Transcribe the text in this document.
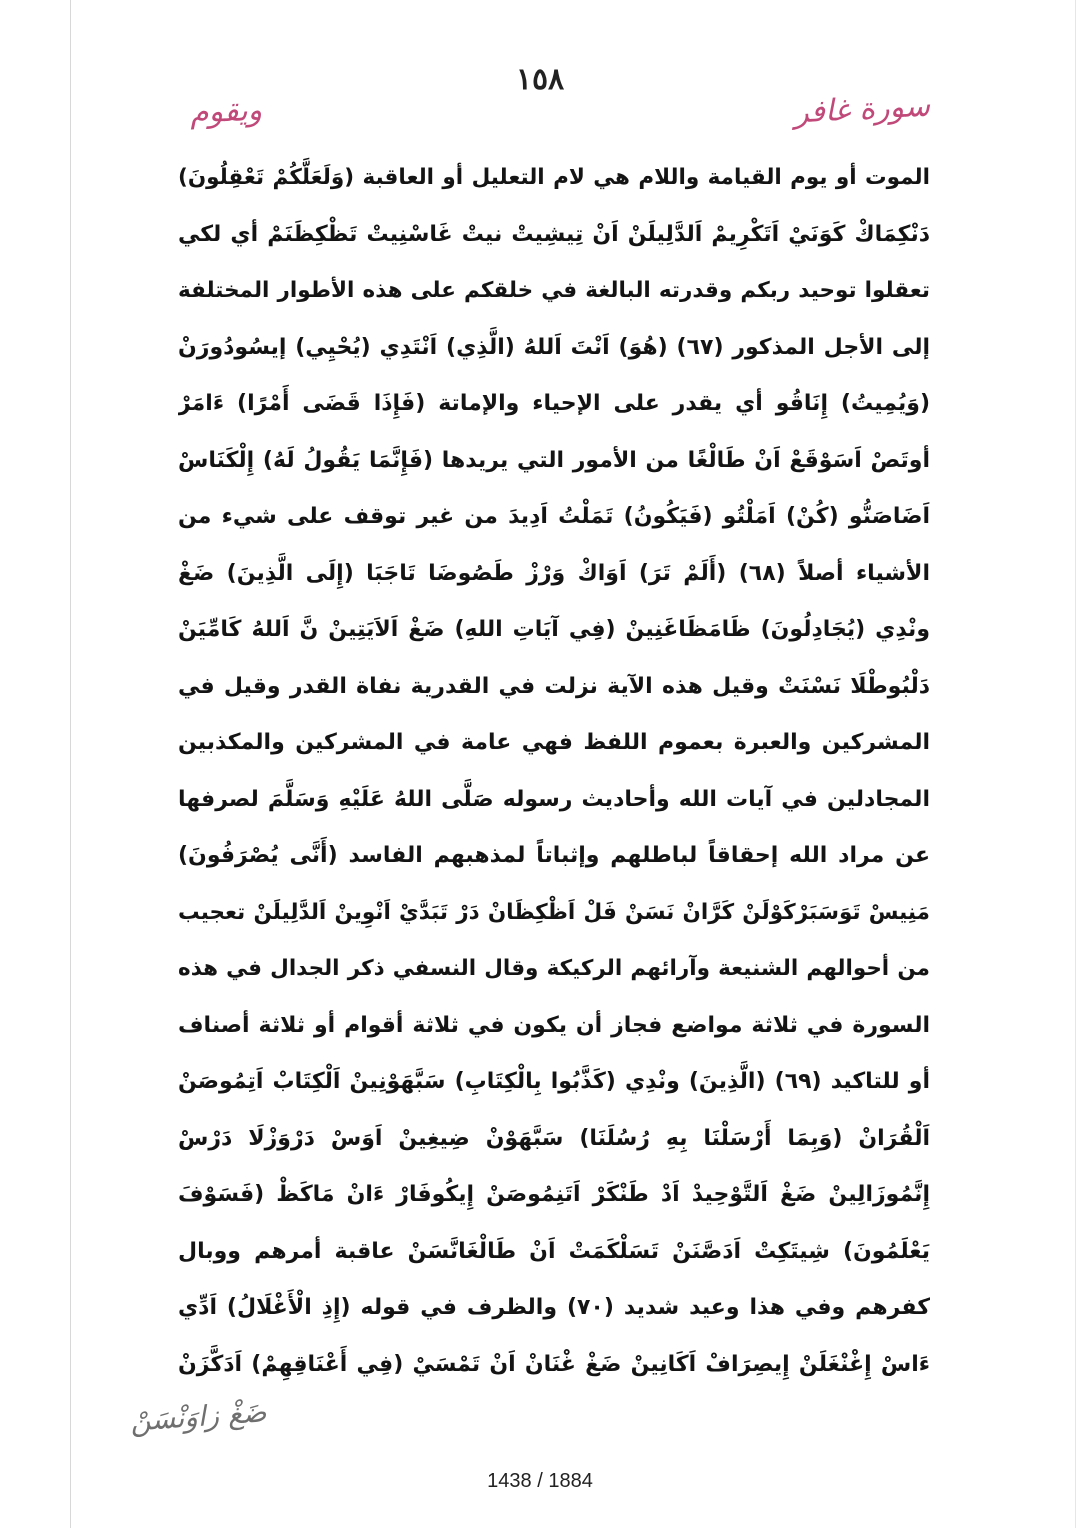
١٥٨
سورة غافر
ويقوم
الموت أو يوم القيامة واللام هي لام التعليل أو العاقبة (وَلَعَلَّكُمْ تَعْقِلُونَ)
دَنْكِمَاكْ كَوَنَيْ اَتَكْرِيمْ اَلدَّلِيلَنْ اَنْ تِيشِيتْ نيتْ غَاسْنِيتْ تَظْكِظَنَمْ أي لكي
تعقلوا توحيد ربكم وقدرته البالغة في خلقكم على هذه الأطوار المختلفة
إلى الأجل المذكور (٦٧) (هُوَ) اَنْتَ اَللهُ (الَّذِي) اَنْتَدِي (يُحْيِي) إيسُودُورَنْ
(وَيُمِيتُ) إِنَاقُو أي يقدر على الإحياء والإماتة (فَإِذَا قَضَى أَمْرًا) ءَامَرْ
أوتَصْ اَسَوْقَعْ اَنْ طَالْغًا من الأمور التي يريدها (فَإِنَّمَا يَقُولُ لَهُ) إِلْكَنَاسْ
اَضَاصَنُّو (كُنْ) اَمَلْتُو (فَيَكُونُ) تَمَلْتُ اَدِيدَ من غير توقف على شيء من
الأشياء أصلاً (٦٨) (أَلَمْ تَرَ) اَوَاكْ وَرْزْ طَصُوضَا تَاجَبَا (إِلَى الَّذِينَ) ضَغْ
ونْدِي (يُجَادِلُونَ) ظَامَظَاغَنِينْ (فِي آيَاتِ اللهِ) ضَغْ اَلاَيَتِينْ نَّ اَللهُ كَامِّيَنْ
دَلْبُوطْلَا نَسْنَتْ وقيل هذه الآية نزلت في القدرية نفاة القدر وقيل في
المشركين والعبرة بعموم اللفظ فهي عامة في المشركين والمكذبين
المجادلين في آيات الله وأحاديث رسوله صَلَّى اللهُ عَلَيْهِ وَسَلَّمَ لصرفها
عن مراد الله إحقاقاً لباطلهم وإثباتاً لمذهبهم الفاسد (أَنَّى يُصْرَفُونَ)
مَنِيسْ تَوَسَبَرْكَوْلَنْ كَرَّانْ نَسَنْ فَلْ اَظْكِظَانْ دَرْ تَبَدَّيْ اَنْوِينْ اَلدَّلِيلَنْ تعجيب
من أحوالهم الشنيعة وآرائهم الركيكة وقال النسفي ذكر الجدال في هذه
السورة في ثلاثة مواضع فجاز أن يكون في ثلاثة أقوام أو ثلاثة أصناف
أو للتاكيد (٦٩) (الَّذِينَ) ونْدِي (كَذَّبُوا بِالْكِتَابِ) سَبَّهَوْنِينْ اَلْكِتَابْ اَتِمُوصَنْ
اَلْقُرَانْ (وَبِمَا أَرْسَلْنَا بِهِ رُسُلَنَا) سَبَّهَوْنْ ضِيغِينْ اَوَسْ دَرْوَزْلَا دَرْسْ
إِنَّمُوزَالِينْ ضَغْ اَلتَّوْحِيدْ اَدْ طَنْكَرْ اَتَنِمُوصَنْ إِيكُوفَارْ ءَانْ مَاكَظْ (فَسَوْفَ
يَعْلَمُونَ) شِيتَكِتْ اَدَصَّنَنْ تَسَلْكَمَتْ اَنْ طَالْغَانَّسَنْ عاقبة أمرهم ووبال
كفرهم وفي هذا وعيد شديد (٧٠) والظرف في قوله (إِذِ الْأَغْلَالُ) اَدِّي
ءَاسْ إِغْنْغَلَنْ إِيصِرَافْ اَكَانِينْ ضَغْ غْنَانْ اَنْ تَمْسَيْ (فِي أَعْنَاقِهِمْ) اَدَكَّزَنْ
ضَغْ زاوَنْسَنْ
1438 / 1884
